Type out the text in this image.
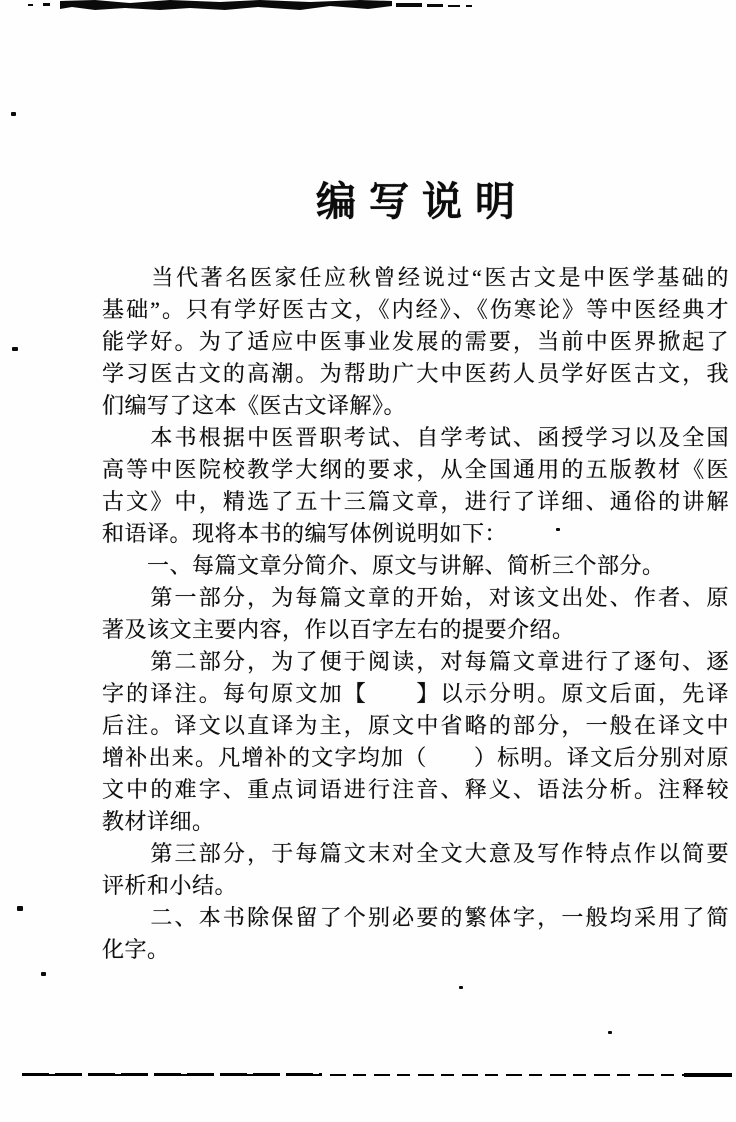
编写说明
　　当代著名医家任应秋曾经说过“医古文是中医学基础的
基础”。只有学好医古文，《内经》、《伤寒论》等中医经典才
能学好。为了适应中医事业发展的需要，当前中医界掀起了
学习医古文的高潮。为帮助广大中医药人员学好医古文，我
们编写了这本《医古文译解》。
　　本书根据中医晋职考试、自学考试、函授学习以及全国
高等中医院校教学大纲的要求，从全国通用的五版教材《医
古文》中，精选了五十三篇文章，进行了详细、通俗的讲解
和语译。现将本书的编写体例说明如下：
　　一、每篇文章分简介、原文与讲解、简析三个部分。
　　第一部分，为每篇文章的开始，对该文出处、作者、原
著及该文主要内容，作以百字左右的提要介绍。
　　第二部分，为了便于阅读，对每篇文章进行了逐句、逐
字的译注。每句原文加【　　】以示分明。原文后面，先译
后注。译文以直译为主，原文中省略的部分，一般在译文中
增补出来。凡增补的文字均加（　　）标明。译文后分别对原
文中的难字、重点词语进行注音、释义、语法分析。注释较
教材详细。
　　第三部分，于每篇文末对全文大意及写作特点作以简要
评析和小结。
　　二、本书除保留了个别必要的繁体字，一般均采用了简
化字。
